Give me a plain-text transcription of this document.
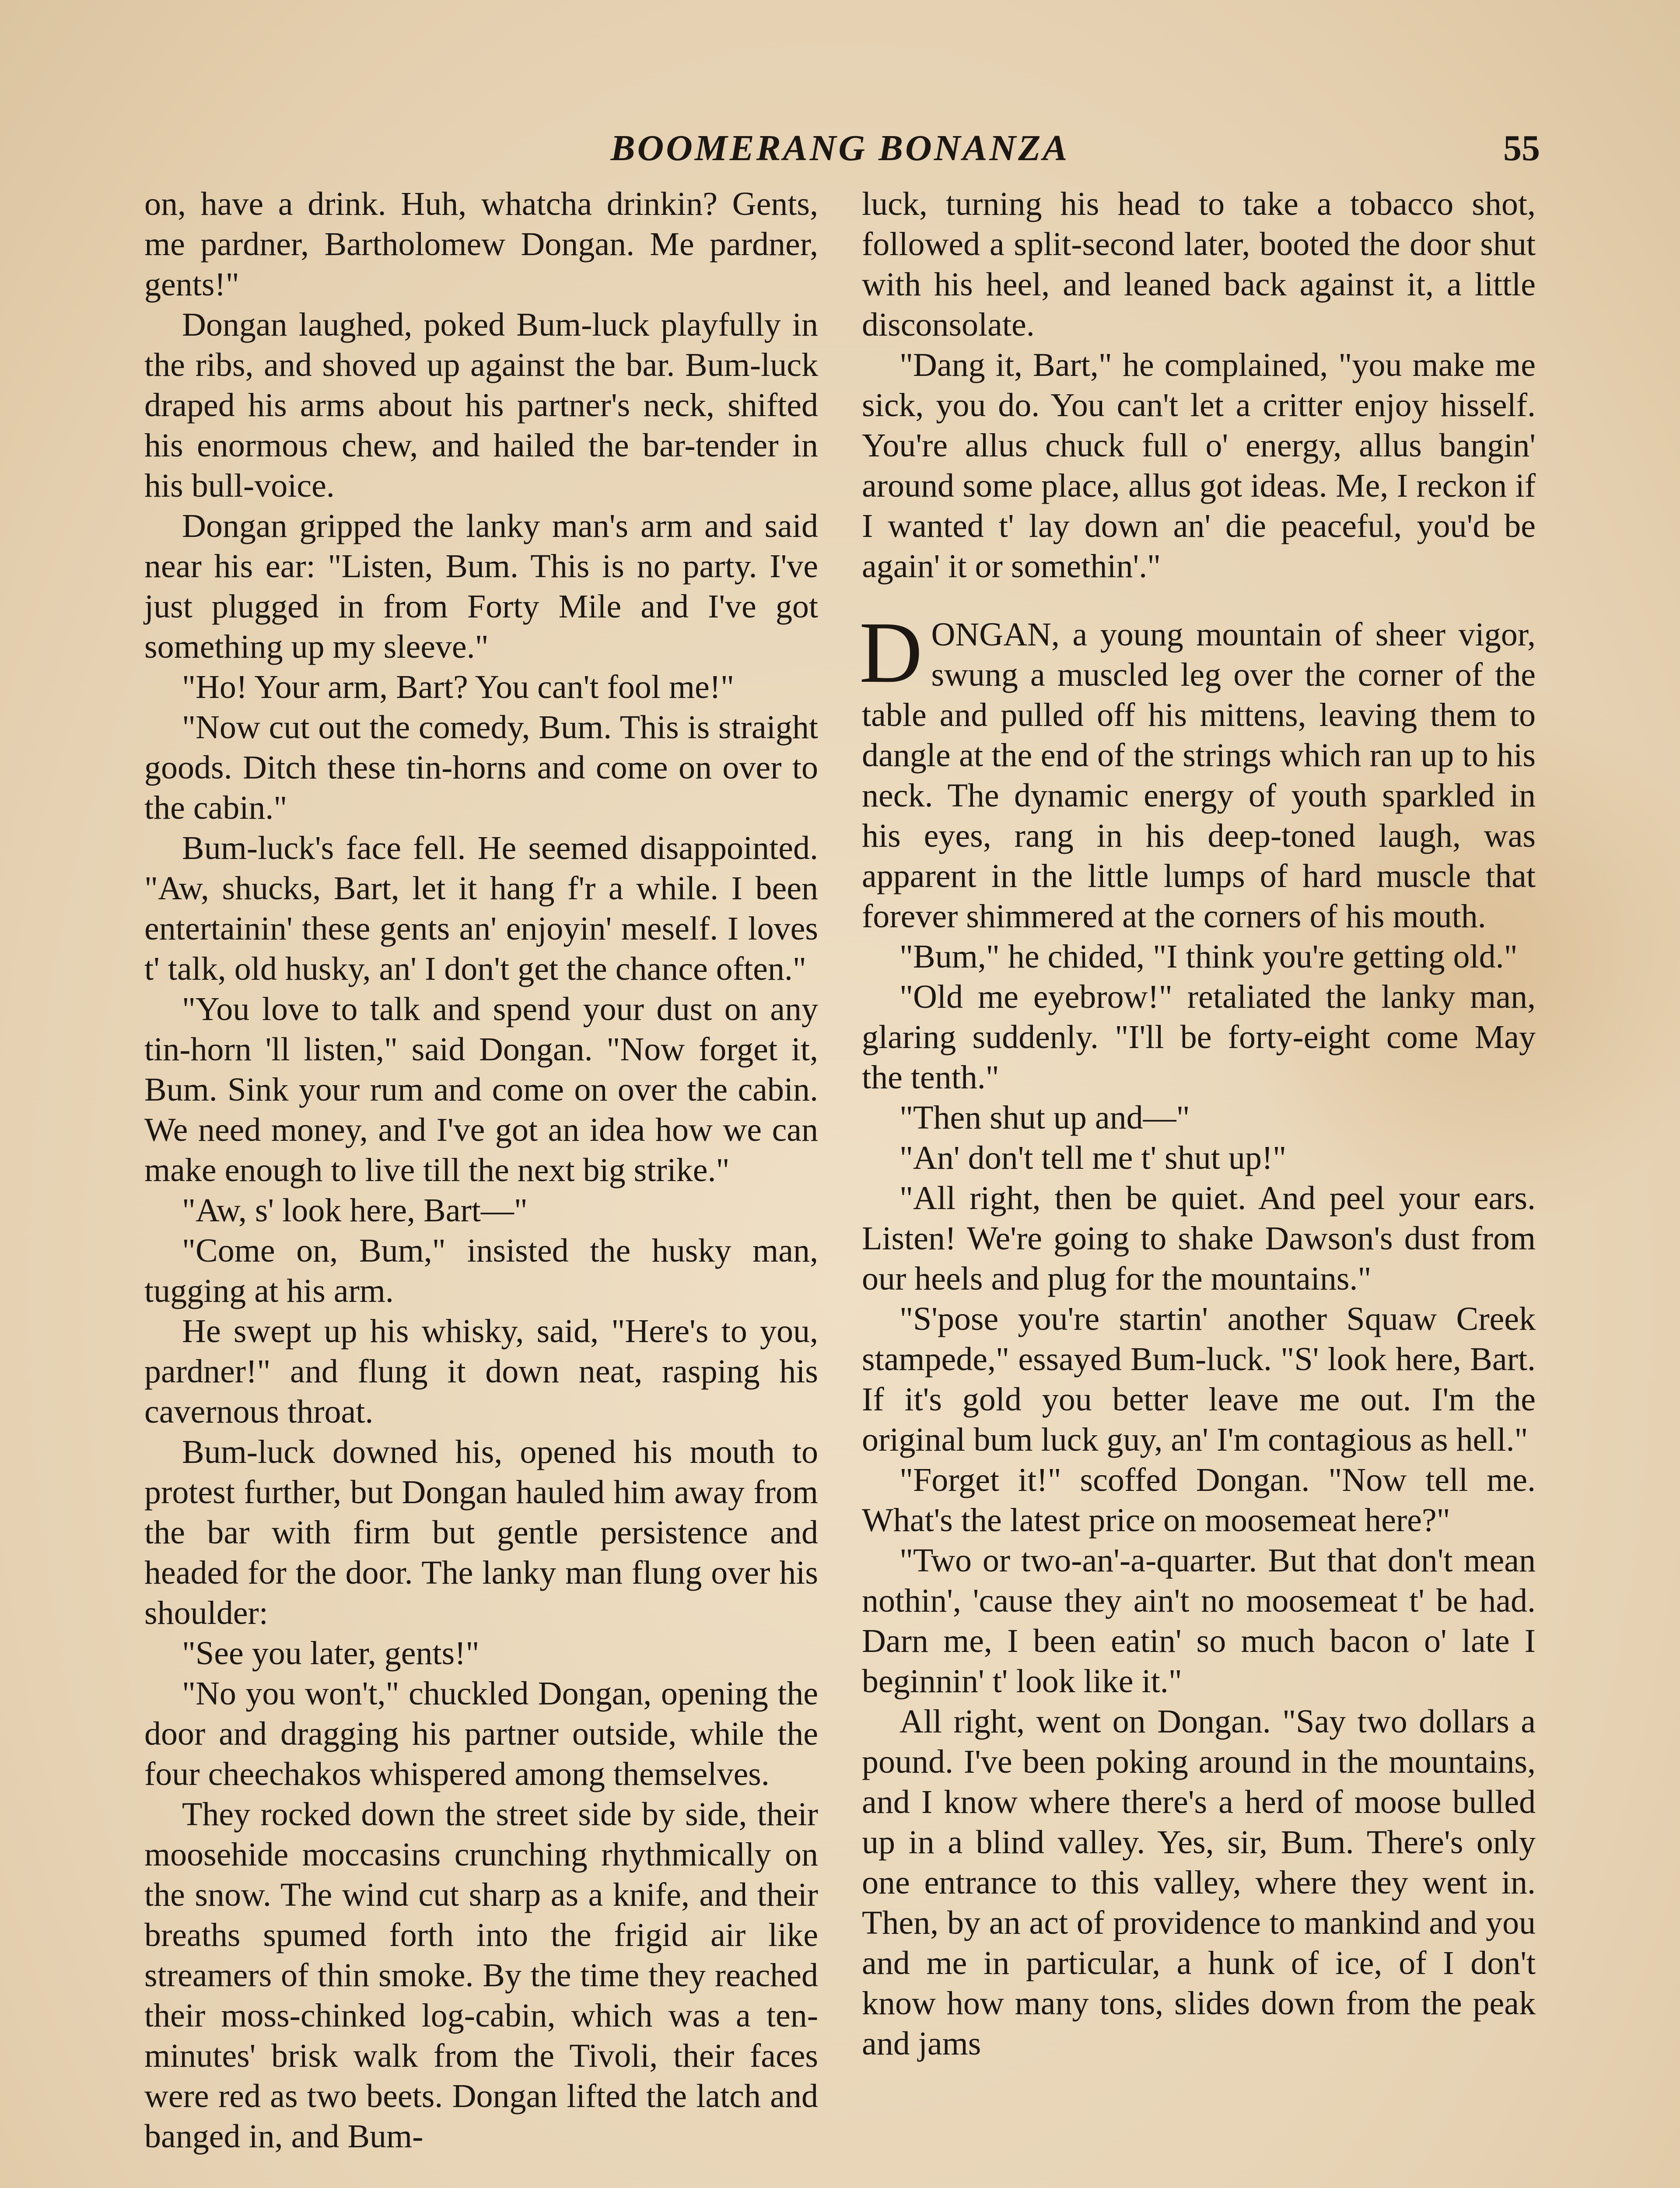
BOOMERANG BONANZA	55

on, have a drink. Huh, whatcha drinkin? Gents, me pardner, Bartholomew Dongan. Me pardner, gents!"

Dongan laughed, poked Bum-luck playfully in the ribs, and shoved up against the bar. Bum-luck draped his arms about his partner's neck, shifted his enormous chew, and hailed the bar-tender in his bull-voice.

Dongan gripped the lanky man's arm and said near his ear: "Listen, Bum. This is no party. I've just plugged in from Forty Mile and I've got something up my sleeve."

"Ho! Your arm, Bart? You can't fool me!"

"Now cut out the comedy, Bum. This is straight goods. Ditch these tin-horns and come on over to the cabin."

Bum-luck's face fell. He seemed disappointed. "Aw, shucks, Bart, let it hang f'r a while. I been entertainin' these gents an' enjoyin' meself. I loves t' talk, old husky, an' I don't get the chance often."

"You love to talk and spend your dust on any tin-horn 'll listen," said Dongan. "Now forget it, Bum. Sink your rum and come on over the cabin. We need money, and I've got an idea how we can make enough to live till the next big strike."

"Aw, s' look here, Bart—"

"Come on, Bum," insisted the husky man, tugging at his arm.

He swept up his whisky, said, "Here's to you, pardner!" and flung it down neat, rasping his cavernous throat.

Bum-luck downed his, opened his mouth to protest further, but Dongan hauled him away from the bar with firm but gentle persistence and headed for the door. The lanky man flung over his shoulder:

"See you later, gents!"

"No you won't," chuckled Dongan, opening the door and dragging his partner outside, while the four cheechakos whispered among themselves.

They rocked down the street side by side, their moosehide moccasins crunching rhythmically on the snow. The wind cut sharp as a knife, and their breaths spumed forth into the frigid air like streamers of thin smoke. By the time they reached their moss-chinked log-cabin, which was a ten-minutes' brisk walk from the Tivoli, their faces were red as two beets. Dongan lifted the latch and banged in, and Bum-

luck, turning his head to take a tobacco shot, followed a split-second later, booted the door shut with his heel, and leaned back against it, a little disconsolate.

"Dang it, Bart," he complained, "you make me sick, you do. You can't let a critter enjoy hisself. You're allus chuck full o' energy, allus bangin' around some place, allus got ideas. Me, I reckon if I wanted t' lay down an' die peaceful, you'd be again' it or somethin'."

DONGAN, a young mountain of sheer vigor, swung a muscled leg over the corner of the table and pulled off his mittens, leaving them to dangle at the end of the strings which ran up to his neck. The dynamic energy of youth sparkled in his eyes, rang in his deep-toned laugh, was apparent in the little lumps of hard muscle that forever shimmered at the corners of his mouth.

"Bum," he chided, "I think you're getting old."

"Old me eyebrow!" retaliated the lanky man, glaring suddenly. "I'll be forty-eight come May the tenth."

"Then shut up and—"

"An' don't tell me t' shut up!"

"All right, then be quiet. And peel your ears. Listen! We're going to shake Dawson's dust from our heels and plug for the mountains."

"S'pose you're startin' another Squaw Creek stampede," essayed Bum-luck. "S' look here, Bart. If it's gold you better leave me out. I'm the original bum luck guy, an' I'm contagious as hell."

"Forget it!" scoffed Dongan. "Now tell me. What's the latest price on moosemeat here?"

"Two or two-an'-a-quarter. But that don't mean nothin', 'cause they ain't no moosemeat t' be had. Darn me, I been eatin' so much bacon o' late I beginnin' t' look like it."

All right, went on Dongan. "Say two dollars a pound. I've been poking around in the mountains, and I know where there's a herd of moose bulled up in a blind valley. Yes, sir, Bum. There's only one entrance to this valley, where they went in. Then, by an act of providence to mankind and you and me in particular, a hunk of ice, of I don't know how many tons, slides down from the peak and jams
